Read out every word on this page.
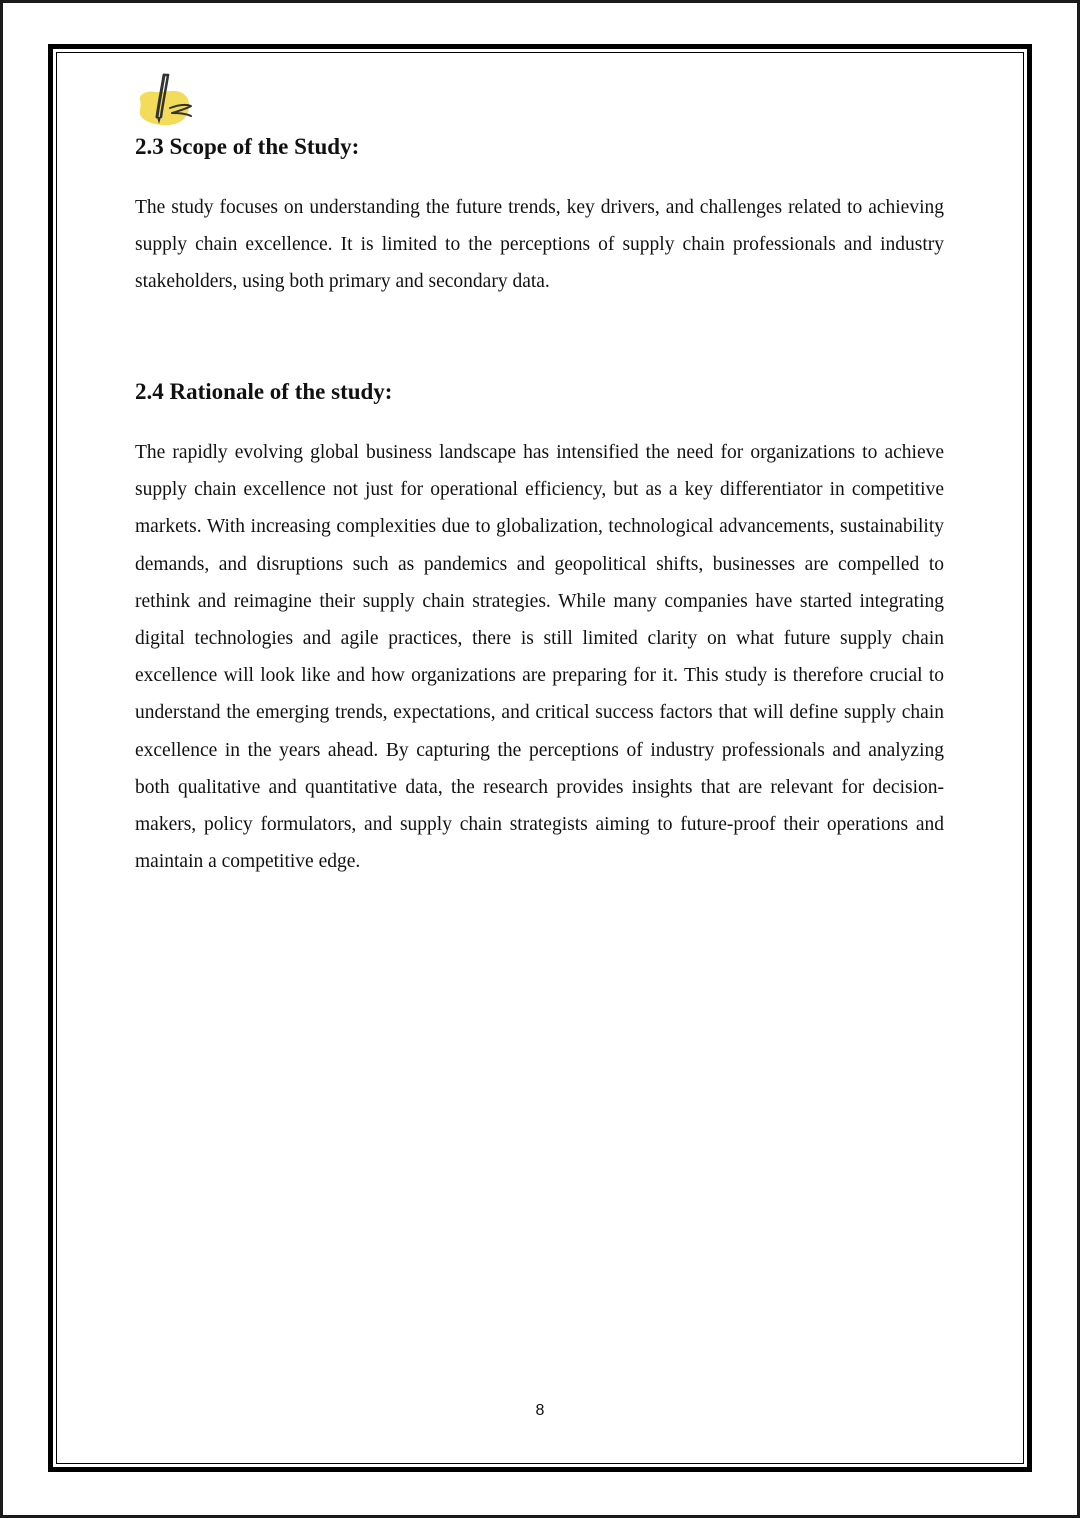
2.3 Scope of the Study:

The study focuses on understanding the future trends, key drivers, and challenges related to achieving supply chain excellence. It is limited to the perceptions of supply chain professionals and industry stakeholders, using both primary and secondary data.

2.4 Rationale of the study:

The rapidly evolving global business landscape has intensified the need for organizations to achieve supply chain excellence not just for operational efficiency, but as a key differentiator in competitive markets. With increasing complexities due to globalization, technological advancements, sustainability demands, and disruptions such as pandemics and geopolitical shifts, businesses are compelled to rethink and reimagine their supply chain strategies. While many companies have started integrating digital technologies and agile practices, there is still limited clarity on what future supply chain excellence will look like and how organizations are preparing for it. This study is therefore crucial to understand the emerging trends, expectations, and critical success factors that will define supply chain excellence in the years ahead. By capturing the perceptions of industry professionals and analyzing both qualitative and quantitative data, the research provides insights that are relevant for decision-makers, policy formulators, and supply chain strategists aiming to future-proof their operations and maintain a competitive edge.

8
